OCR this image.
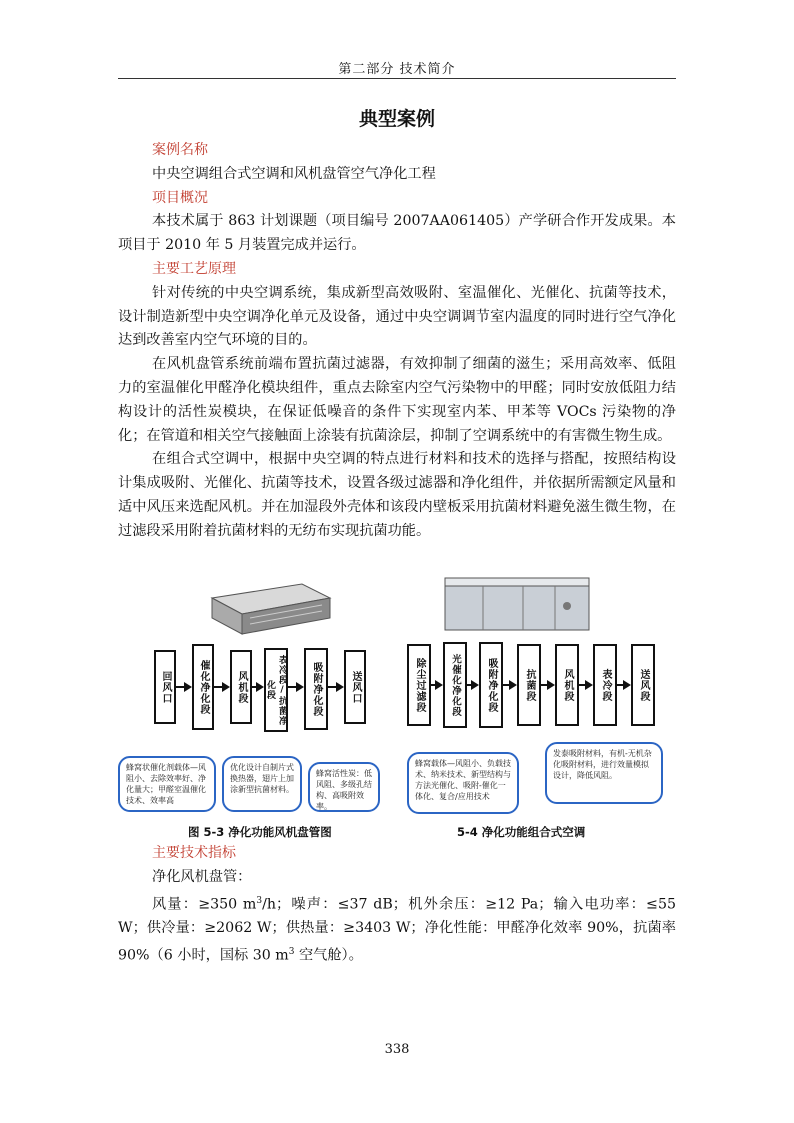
第二部分 技术简介
典型案例
案例名称
中央空调组合式空调和风机盘管空气净化工程
项目概况

本技术属于 863 计划课题（项目编号 2007AA061405）产学研合作开发成果。本项目于 2010 年 5 月装置完成并运行。

主要工艺原理

针对传统的中央空调系统，集成新型高效吸附、室温催化、光催化、抗菌等技术，设计制造新型中央空调净化单元及设备，通过中央空调调节室内温度的同时进行空气净化达到改善室内空气环境的目的。

在风机盘管系统前端布置抗菌过滤器，有效抑制了细菌的滋生；采用高效率、低阻力的室温催化甲醛净化模块组件，重点去除室内空气污染物中的甲醛；同时安放低阻力结构设计的活性炭模块，在保证低噪音的条件下实现室内苯、甲苯等 VOCs 污染物的净化；在管道和相关空气接触面上涂装有抗菌涂层，抑制了空调系统中的有害微生物生成。

在组合式空调中，根据中央空调的特点进行材料和技术的选择与搭配，按照结构设计集成吸附、光催化、抗菌等技术，设置各级过滤器和净化组件，并依据所需额定风量和适中风压来选配风机。并在加湿段外壳体和该段内壁板采用抗菌材料避免滋生微生物，在过滤段采用附着抗菌材料的无纺布实现抗菌功能。

回风口	催化净化段	风机段	表冷段/抗菌净化段	吸附净化段	送风口
蜂窝状催化剂载体—风阻小、去除效率好、净化量大；甲醛室温催化技术、效率高
优化设计自制片式换热器，翅片上加涂新型抗菌材料。
蜂窝活性炭：低风阻、多级孔结构、高吸附效率。
图 5-3 净化功能风机盘管图
除尘过滤段	光催化净化段	吸附净化段	抗菌段	风机段	表冷段	送风段
蜂窝载体—风阻小、负载技术、纳米技术、新型结构与方法光催化、吸附-催化一体化、复合/应用技术
发泰吸附材料，有机-无机杂化吸附材料，进行效量模拟设计，降低风阻。
5-4 净化功能组合式空调
主要技术指标
净化风机盘管：

风量：≥350 $m^3/h$；噪声：≤37 dB；机外余压：≥12 Pa；输入电功率：≤55 W；供冷量：≥2062 W；供热量：≥3403 W；净化性能：甲醛净化效率 90%，抗菌率 90%（6 小时，国标 30 $m^3$ 空气舱）。

338
